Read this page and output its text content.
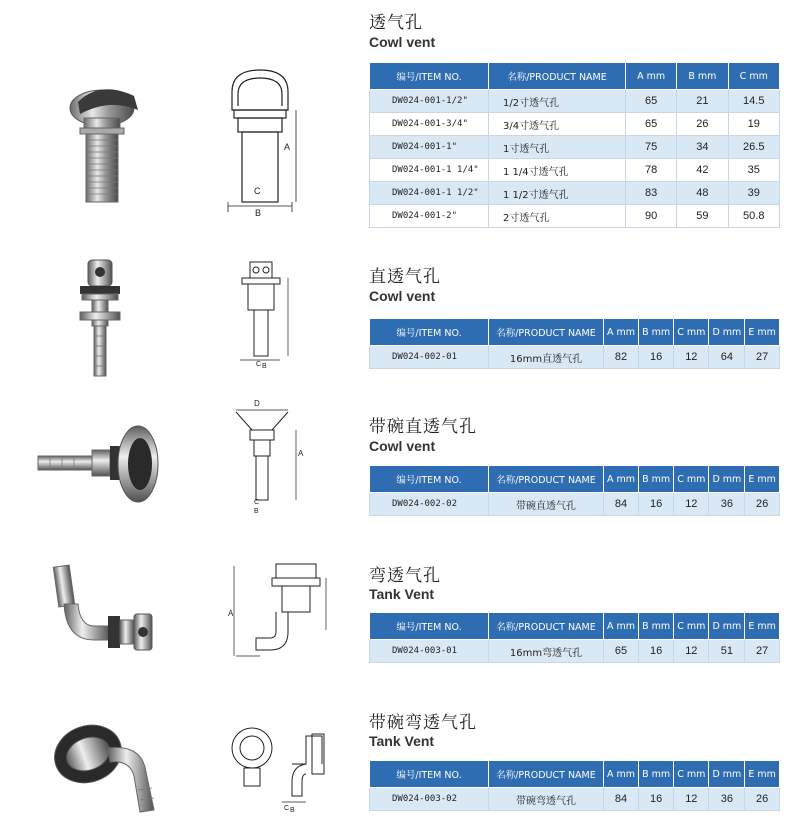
透气孔
Cowl vent
A
C
B
编号/ITEM NO.	名称/PRODUCT NAME	A mm	B mm	C mm
DW024-001-1/2"	1/2寸透气孔	65	21	14.5
DW024-001-3/4"	3/4寸透气孔	65	26	19
DW024-001-1"	1寸透气孔	75	34	26.5
DW024-001-1 1/4"	1 1/4寸透气孔	78	42	35
DW024-001-1 1/2"	1 1/2寸透气孔	83	48	39
DW024-001-2"	2寸透气孔	90	59	50.8
直透气孔
Cowl vent
C B
编号/ITEM NO.	名称/PRODUCT NAME	A mm	B mm	C mm	D mm	E mm
DW024-002-01	16mm直透气孔	82	16	12	64	27
带碗直透气孔
Cowl vent
D
A
C
B
编号/ITEM NO.	名称/PRODUCT NAME	A mm	B mm	C mm	D mm	E mm
DW024-002-02	带碗直透气孔	84	16	12	36	26
弯透气孔
Tank Vent
A
编号/ITEM NO.	名称/PRODUCT NAME	A mm	B mm	C mm	D mm	E mm
DW024-003-01	16mm弯透气孔	65	16	12	51	27
带碗弯透气孔
Tank Vent
C B
编号/ITEM NO.	名称/PRODUCT NAME	A mm	B mm	C mm	D mm	E mm
DW024-003-02	带碗弯透气孔	84	16	12	36	26
